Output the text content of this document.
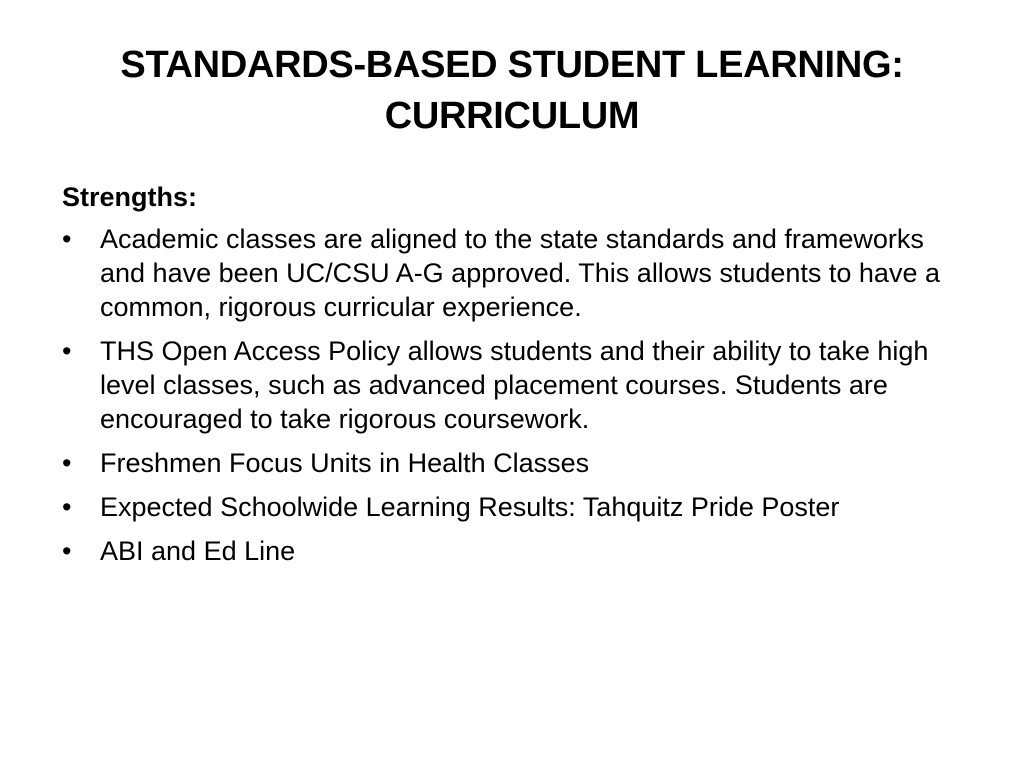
STANDARDS-BASED STUDENT LEARNING: CURRICULUM
Strengths:
•	Academic classes are aligned to the state standards and frameworks and have been UC/CSU A-G approved. This allows students to have a common, rigorous curricular experience.
•	THS Open Access Policy allows students and their ability to take high level classes, such as advanced placement courses. Students are encouraged to take rigorous coursework.
•	Freshmen Focus Units in Health Classes
•	Expected Schoolwide Learning Results: Tahquitz Pride Poster
•	ABI and Ed Line
